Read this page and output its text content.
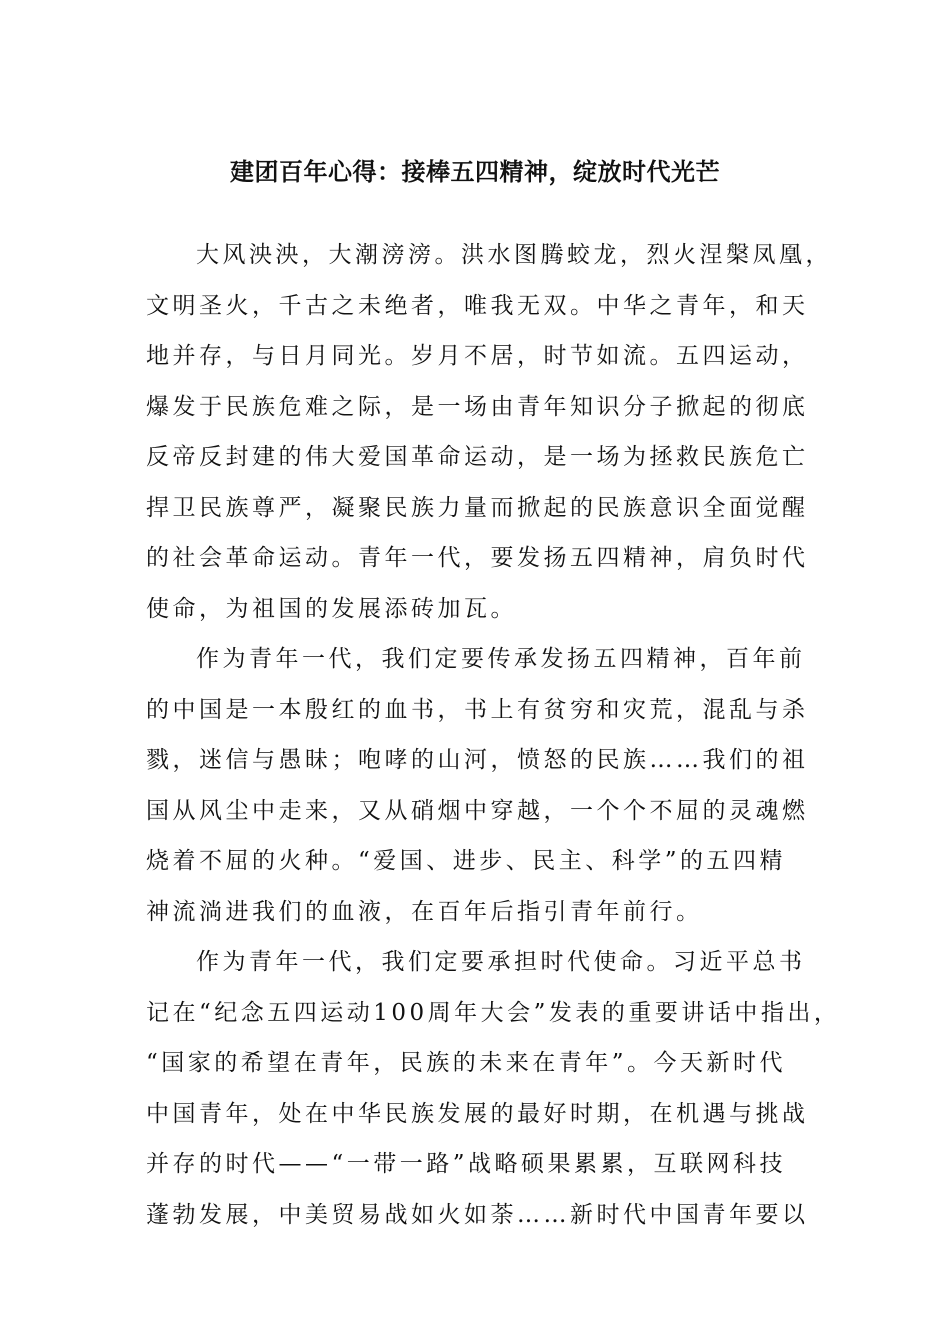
建团百年心得：接棒五四精神，绽放时代光芒

大风泱泱，大潮滂滂。洪水图腾蛟龙，烈火涅槃凤凰，
文明圣火，千古之未绝者，唯我无双。中华之青年，和天
地并存，与日月同光。岁月不居，时节如流。五四运动，
爆发于民族危难之际，是一场由青年知识分子掀起的彻底
反帝反封建的伟大爱国革命运动，是一场为拯救民族危亡
捍卫民族尊严，凝聚民族力量而掀起的民族意识全面觉醒
的社会革命运动。青年一代，要发扬五四精神，肩负时代
使命，为祖国的发展添砖加瓦。

作为青年一代，我们定要传承发扬五四精神，百年前
的中国是一本殷红的血书，书上有贫穷和灾荒，混乱与杀
戮，迷信与愚昧；咆哮的山河，愤怒的民族……我们的祖
国从风尘中走来，又从硝烟中穿越，一个个不屈的灵魂燃
烧着不屈的火种。“爱国、进步、民主、科学”的五四精
神流淌进我们的血液，在百年后指引青年前行。

作为青年一代，我们定要承担时代使命。习近平总书
记在“纪念五四运动100周年大会”发表的重要讲话中指出，
“国家的希望在青年，民族的未来在青年”。今天新时代
中国青年，处在中华民族发展的最好时期，在机遇与挑战
并存的时代——“一带一路”战略硕果累累，互联网科技
蓬勃发展，中美贸易战如火如荼……新时代中国青年要以
